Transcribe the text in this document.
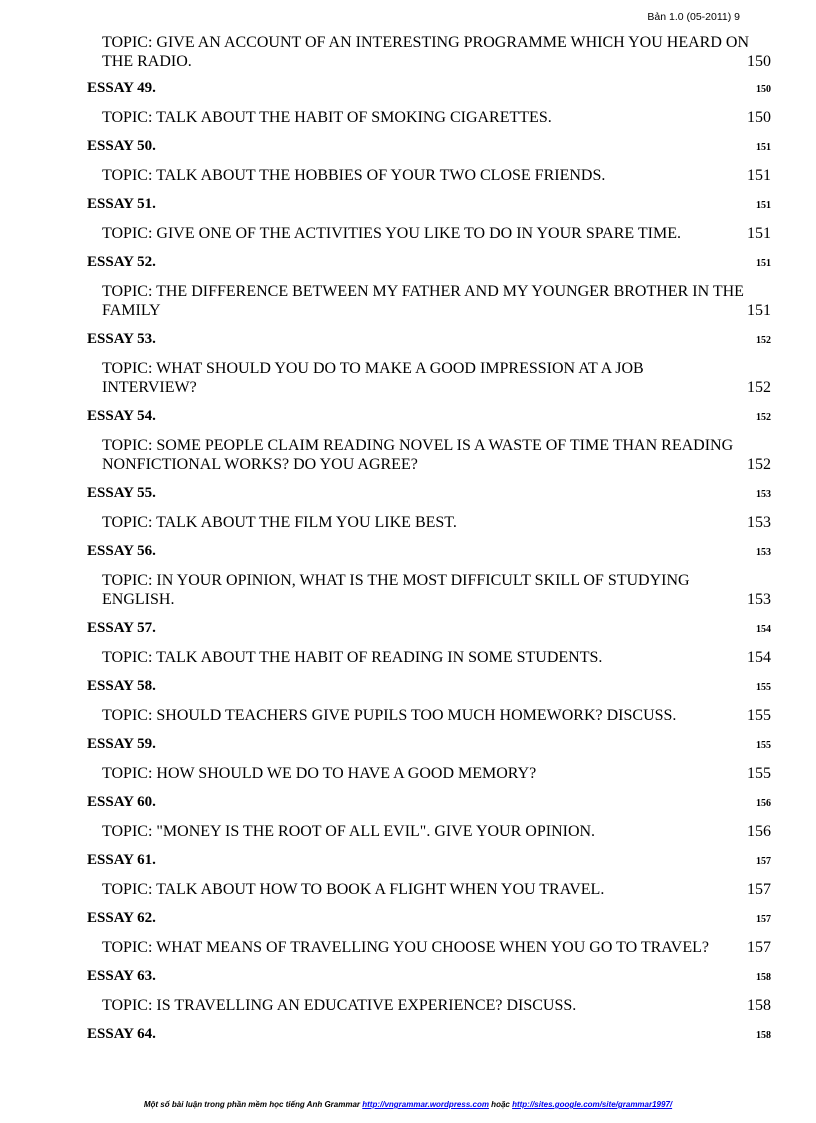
Bản 1.0 (05-2011) 9
TOPIC: GIVE AN ACCOUNT OF AN INTERESTING PROGRAMME WHICH YOU HEARD ON
THE RADIO.	150
ESSAY 49.	150
TOPIC: TALK ABOUT THE HABIT OF SMOKING CIGARETTES.	150
ESSAY 50.	151
TOPIC: TALK ABOUT THE HOBBIES OF YOUR TWO CLOSE FRIENDS.	151
ESSAY 51.	151
TOPIC: GIVE ONE OF THE ACTIVITIES YOU LIKE TO DO IN YOUR SPARE TIME.	151
ESSAY 52.	151
TOPIC: THE DIFFERENCE BETWEEN MY FATHER AND MY YOUNGER BROTHER IN THE
FAMILY	151
ESSAY 53.	152
TOPIC: WHAT SHOULD YOU DO TO MAKE A GOOD IMPRESSION AT A JOB
INTERVIEW?	152
ESSAY 54.	152
TOPIC: SOME PEOPLE CLAIM READING NOVEL IS A WASTE OF TIME THAN READING
NONFICTIONAL WORKS? DO YOU AGREE?	152
ESSAY 55.	153
TOPIC: TALK ABOUT THE FILM YOU LIKE BEST.	153
ESSAY 56.	153
TOPIC: IN YOUR OPINION, WHAT IS THE MOST DIFFICULT SKILL OF STUDYING
ENGLISH.	153
ESSAY 57.	154
TOPIC: TALK ABOUT THE HABIT OF READING IN SOME STUDENTS.	154
ESSAY 58.	155
TOPIC: SHOULD TEACHERS GIVE PUPILS TOO MUCH HOMEWORK? DISCUSS.	155
ESSAY 59.	155
TOPIC: HOW SHOULD WE DO TO HAVE A GOOD MEMORY?	155
ESSAY 60.	156
TOPIC: "MONEY IS THE ROOT OF ALL EVIL". GIVE YOUR OPINION.	156
ESSAY 61.	157
TOPIC: TALK ABOUT HOW TO BOOK A FLIGHT WHEN YOU TRAVEL.	157
ESSAY 62.	157
TOPIC: WHAT MEANS OF TRAVELLING YOU CHOOSE WHEN YOU GO TO TRAVEL? 157
ESSAY 63.	158
TOPIC: IS TRAVELLING AN EDUCATIVE EXPERIENCE? DISCUSS.	158
ESSAY 64.	158
Một số bài luận trong phần mềm học tiếng Anh Grammar http://vngrammar.wordpress.com hoặc http://sites.google.com/site/grammar1997/
